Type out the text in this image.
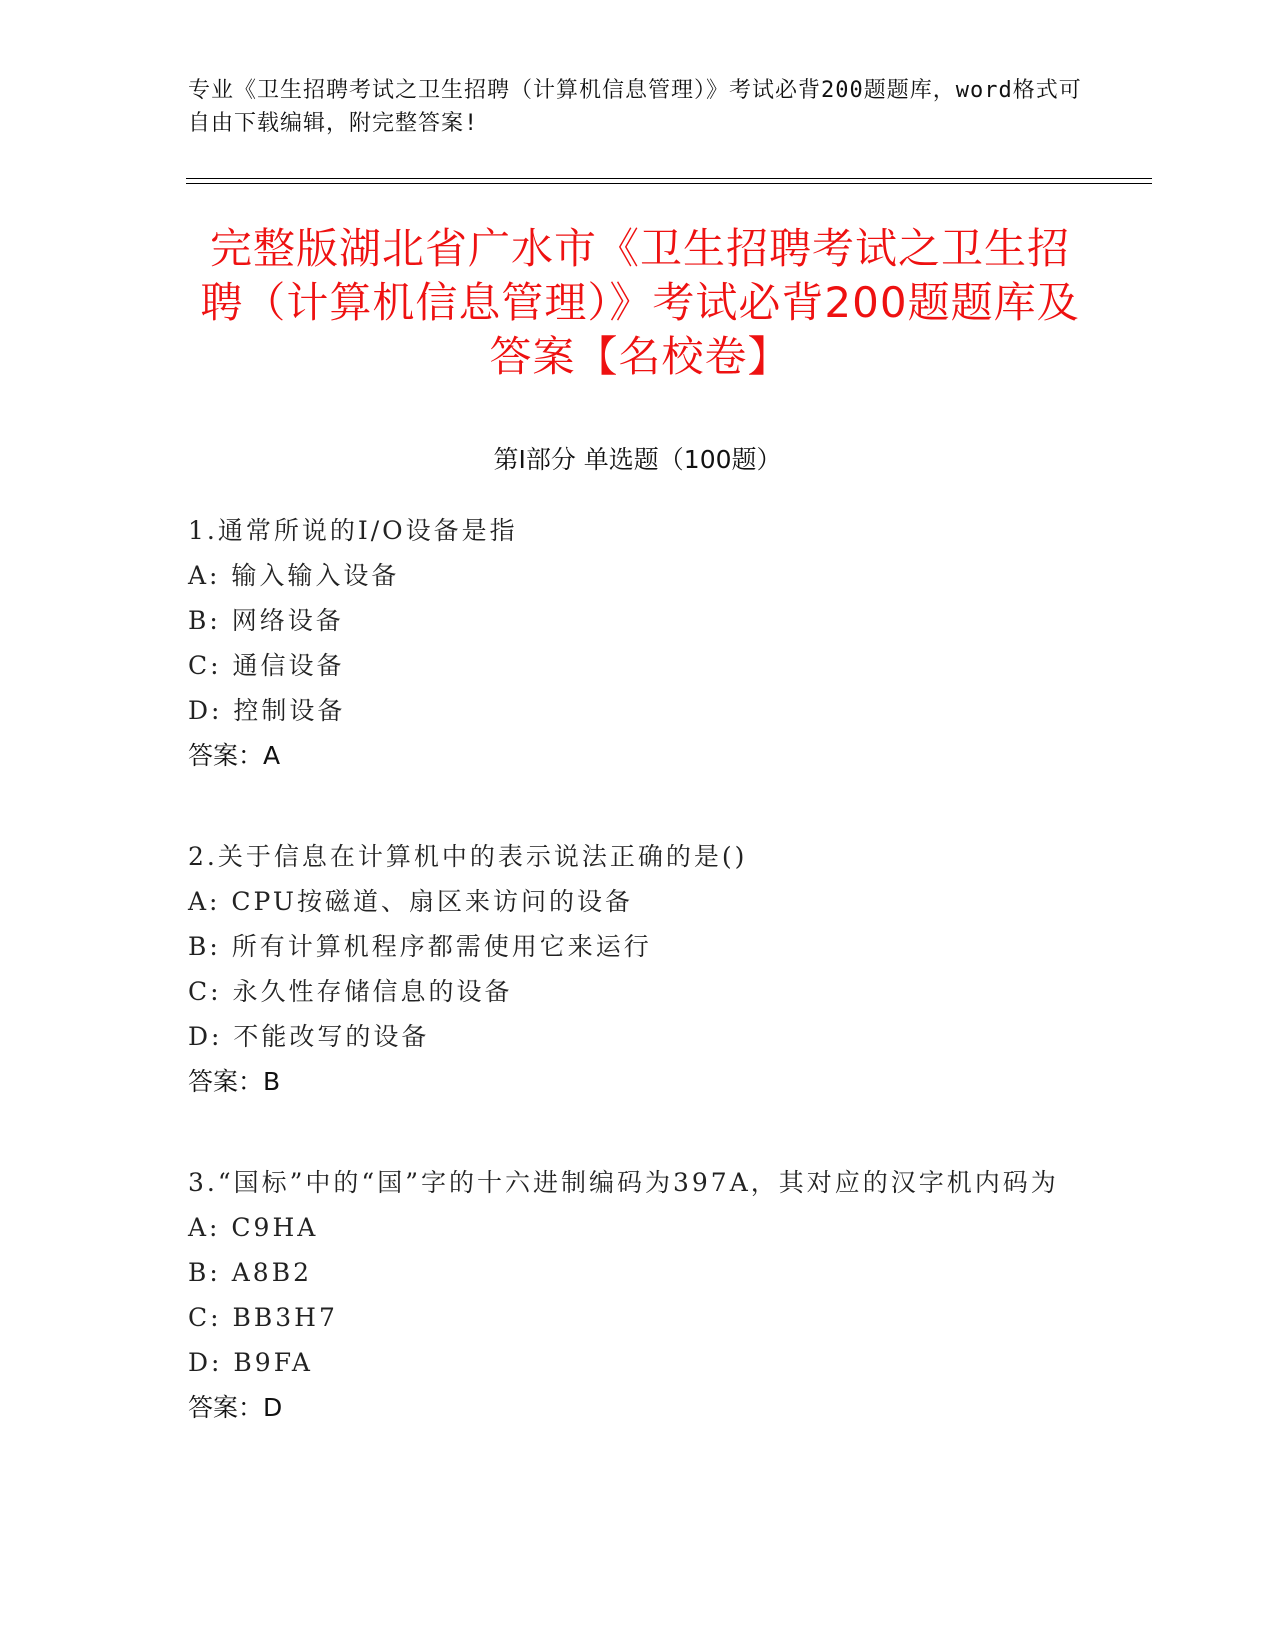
专业《卫生招聘考试之卫生招聘（计算机信息管理）》考试必背200题题库，word格式可自由下载编辑，附完整答案!
完整版湖北省广水市《卫生招聘考试之卫生招聘（计算机信息管理）》考试必背200题题库及答案【名校卷】
第Ⅰ部分 单选题（100题）
1.通常所说的I/O设备是指
A: 输入输入设备
B: 网络设备
C: 通信设备
D: 控制设备
答案：A
2.关于信息在计算机中的表示说法正确的是()
A: CPU按磁道、扇区来访问的设备
B: 所有计算机程序都需使用它来运行
C: 永久性存储信息的设备
D: 不能改写的设备
答案：B
3.“国标”中的“国”字的十六进制编码为397A，其对应的汉字机内码为
A: C9HA
B: A8B2
C: BB3H7
D: B9FA
答案：D
